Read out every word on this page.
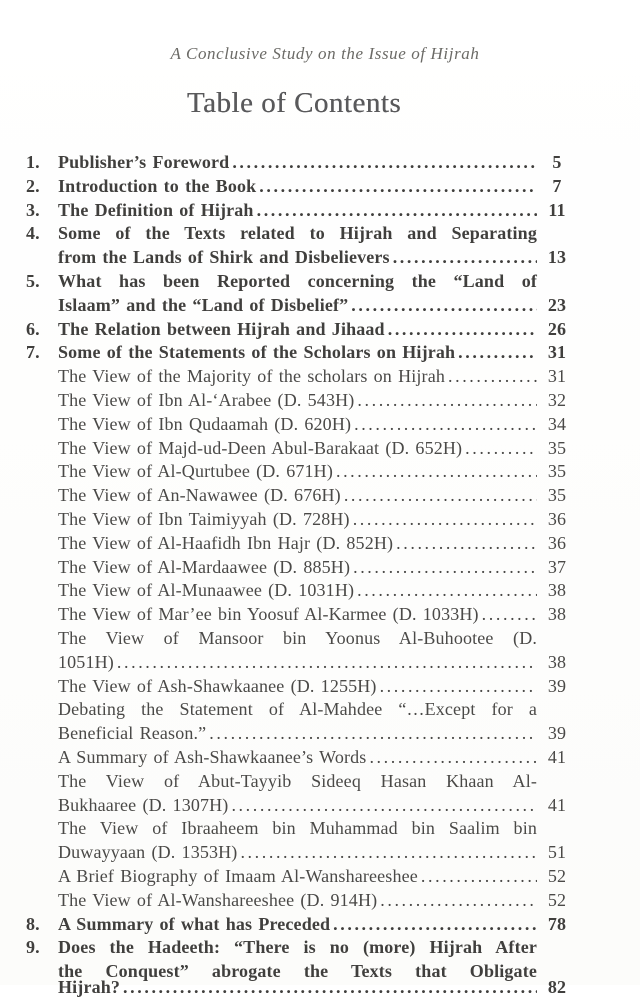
A Conclusive Study on the Issue of Hijrah
Table of Contents
1.	Publisher’s Foreword .....	5
2.	Introduction to the Book .....	7
3.	The Definition of Hijrah .....	11
4.	Some of the Texts related to Hijrah and Separating
from the Lands of Shirk and Disbelievers .....	13
5.	What has been Reported concerning the “Land of
Islaam” and the “Land of Disbelief” .....	23
6.	The Relation between Hijrah and Jihaad .....	26
7.	Some of the Statements of the Scholars on Hijrah .....	31
The View of the Majority of the scholars on Hijrah .....	31
The View of Ibn Al-‘Arabee (D. 543H) .....	32
The View of Ibn Qudaamah (D. 620H) .....	34
The View of Majd-ud-Deen Abul-Barakaat (D. 652H) .....	35
The View of Al-Qurtubee (D. 671H) .....	35
The View of An-Nawawee (D. 676H) .....	35
The View of Ibn Taimiyyah (D. 728H) .....	36
The View of Al-Haafidh Ibn Hajr (D. 852H) .....	36
The View of Al-Mardaawee (D. 885H) .....	37
The View of Al-Munaawee (D. 1031H) .....	38
The View of Mar’ee bin Yoosuf Al-Karmee (D. 1033H) .....	38
The View of Mansoor bin Yoonus Al-Buhootee (D.
1051H) .....	38
The View of Ash-Shawkaanee (D. 1255H) .....	39
Debating the Statement of Al-Mahdee “…Except for a
Beneficial Reason.” .....	39
A Summary of Ash-Shawkaanee’s Words .....	41
The View of Abut-Tayyib Sideeq Hasan Khaan Al-
Bukhaaree (D. 1307H) .....	41
The View of Ibraaheem bin Muhammad bin Saalim bin
Duwayyaan (D. 1353H) .....	51
A Brief Biography of Imaam Al-Wanshareeshee .....	52
The View of Al-Wanshareeshee (D. 914H) .....	52
8.	A Summary of what has Preceded .....	78
9.	Does the Hadeeth: “There is no (more) Hijrah After
the Conquest” abrogate the Texts that Obligate
Hijrah? .....	82
